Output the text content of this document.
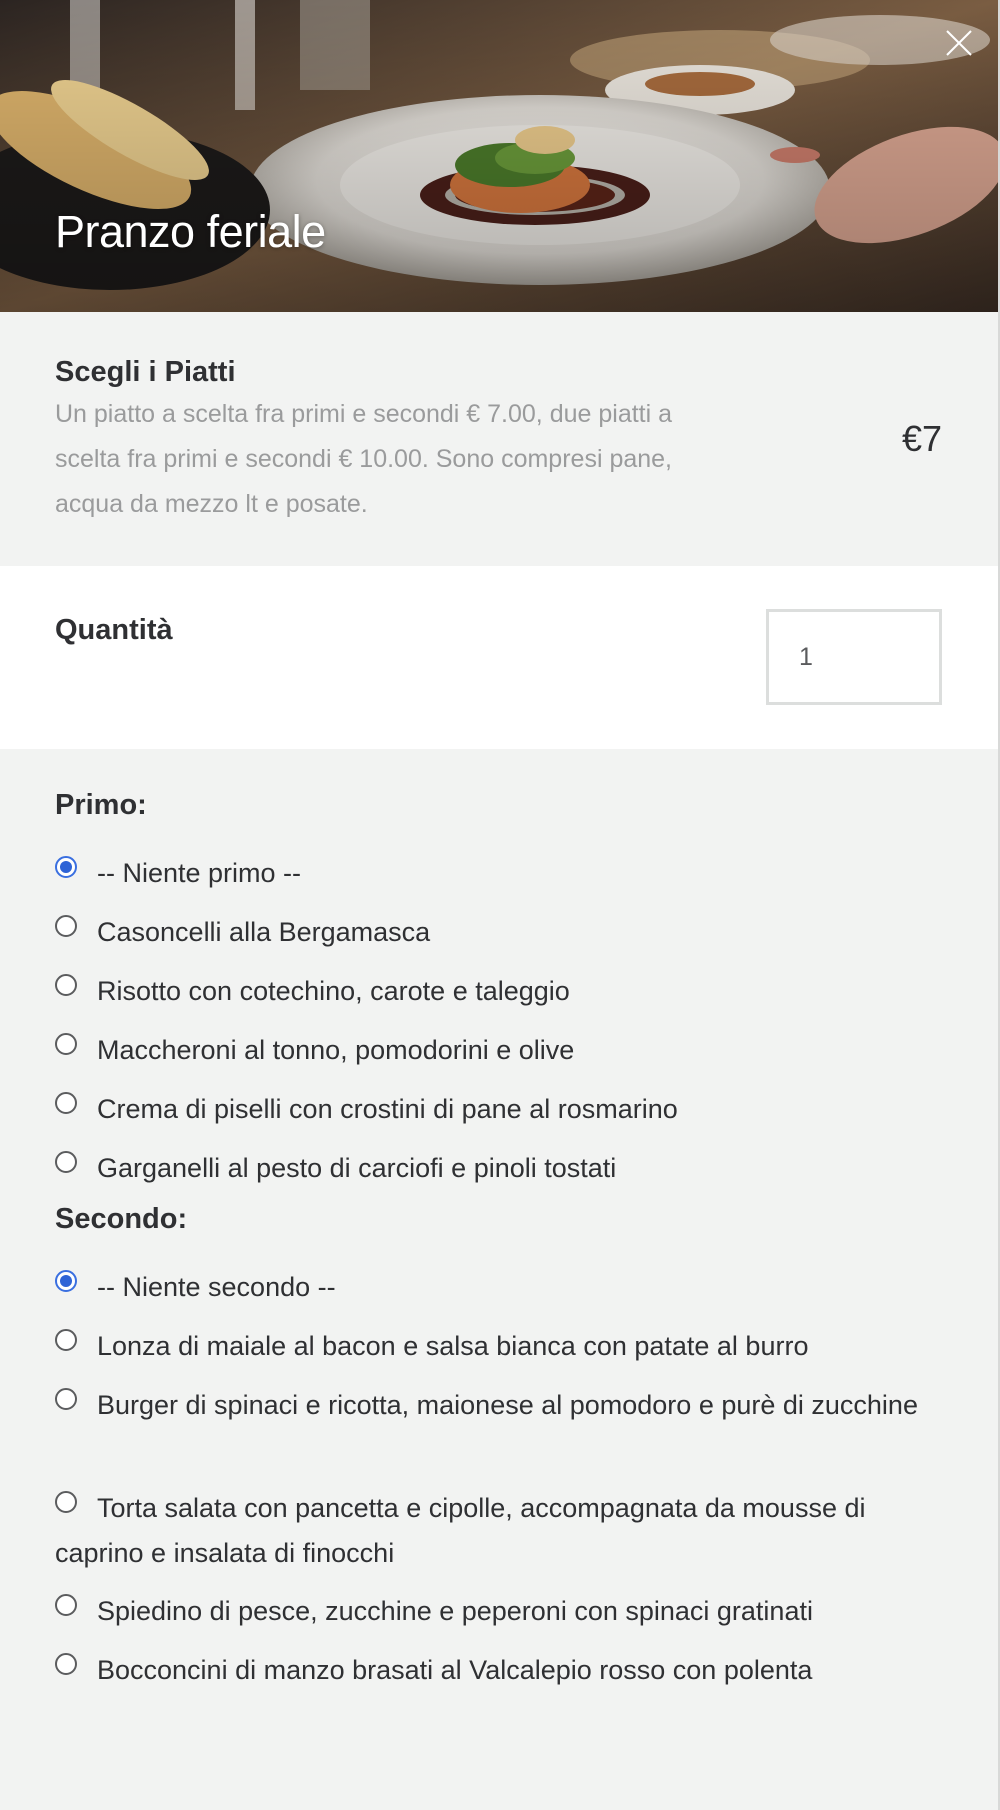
Pranzo feriale
Scegli i Piatti
Un piatto a scelta fra primi e secondi € 7.00, due piatti a scelta fra primi e secondi € 10.00. Sono compresi pane, acqua da mezzo lt e posate.
€7
Quantità
1
Primo:
-- Niente primo --
Casoncelli alla Bergamasca
Risotto con cotechino, carote e taleggio
Maccheroni al tonno, pomodorini e olive
Crema di piselli con crostini di pane al rosmarino
Garganelli al pesto di carciofi e pinoli tostati
Secondo:
-- Niente secondo --
Lonza di maiale al bacon e salsa bianca con patate al burro
Burger di spinaci e ricotta, maionese al pomodoro e purè di zucchine
Torta salata con pancetta e cipolle, accompagnata da mousse di caprino e insalata di finocchi
Spiedino di pesce, zucchine e peperoni con spinaci gratinati
Bocconcini di manzo brasati al Valcalepio rosso con polenta
